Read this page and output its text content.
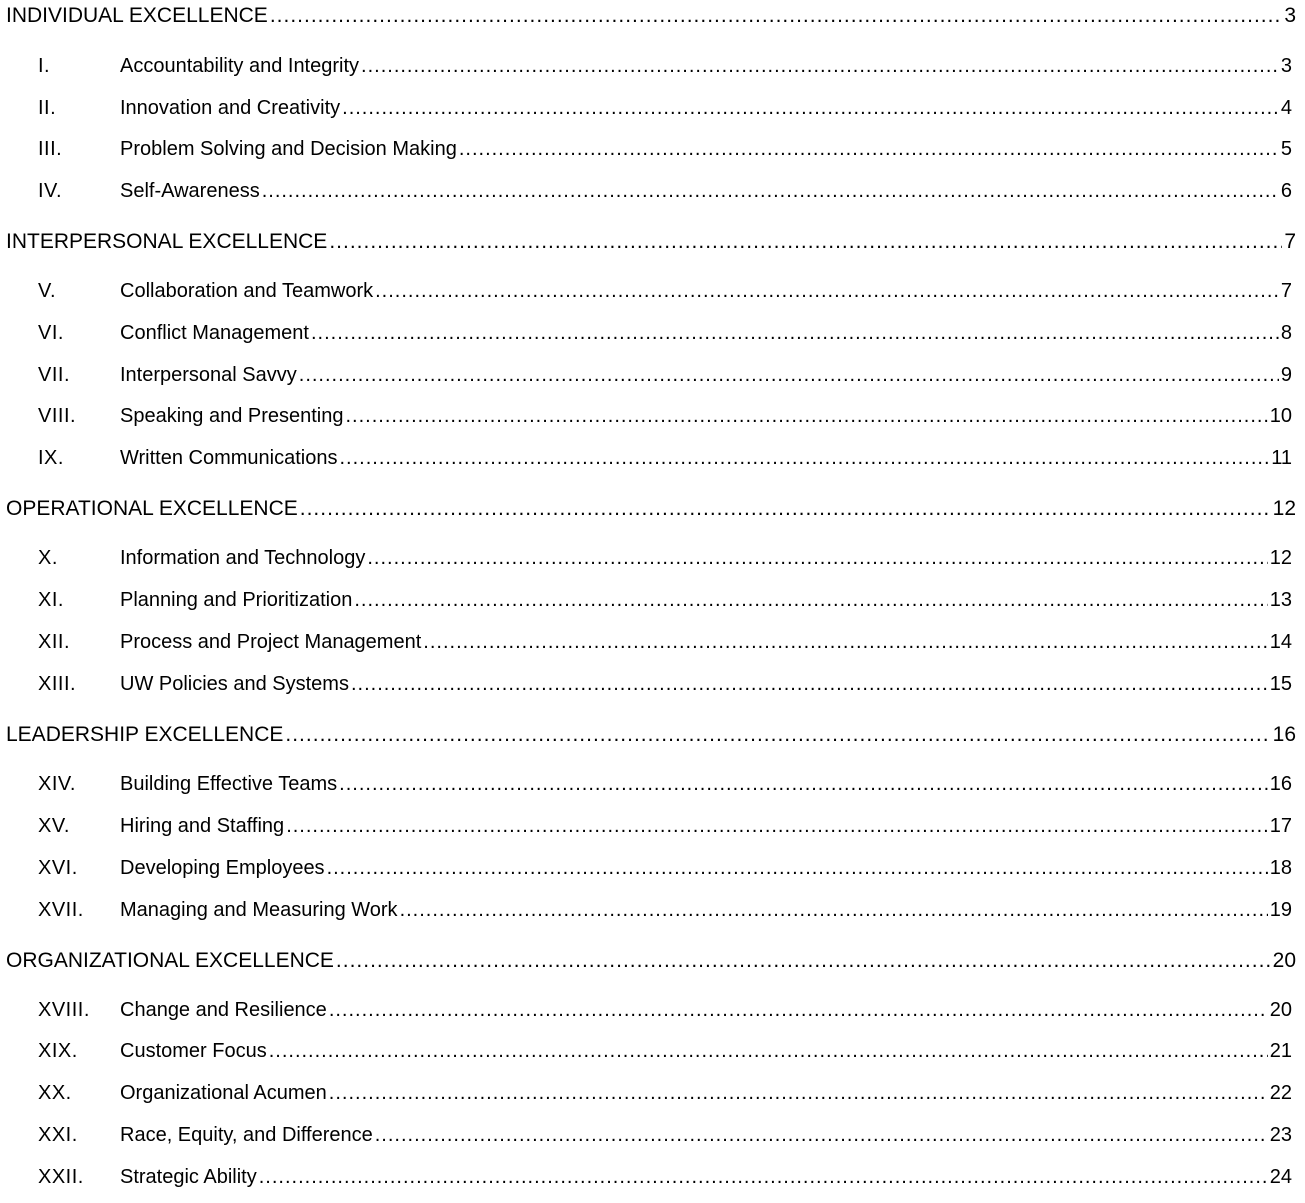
INDIVIDUAL EXCELLENCE .....	3
I.	Accountability and Integrity .....	3
II.	Innovation and Creativity .....	4
III.	Problem Solving and Decision Making .....	5
IV.	Self-Awareness .....	6
INTERPERSONAL EXCELLENCE .....	7
V.	Collaboration and Teamwork .....	7
VI.	Conflict Management .....	8
VII.	Interpersonal Savvy .....	9
VIII.	Speaking and Presenting .....	10
IX.	Written Communications .....	11
OPERATIONAL EXCELLENCE .....	12
X.	Information and Technology .....	12
XI.	Planning and Prioritization .....	13
XII.	Process and Project Management .....	14
XIII.	UW Policies and Systems .....	15
LEADERSHIP EXCELLENCE .....	16
XIV.	Building Effective Teams .....	16
XV.	Hiring and Staffing .....	17
XVI.	Developing Employees .....	18
XVII.	Managing and Measuring Work .....	19
ORGANIZATIONAL EXCELLENCE .....	20
XVIII.	Change and Resilience .....	20
XIX.	Customer Focus .....	21
XX.	Organizational Acumen .....	22
XXI.	Race, Equity, and Difference .....	23
XXII.	Strategic Ability .....	24
